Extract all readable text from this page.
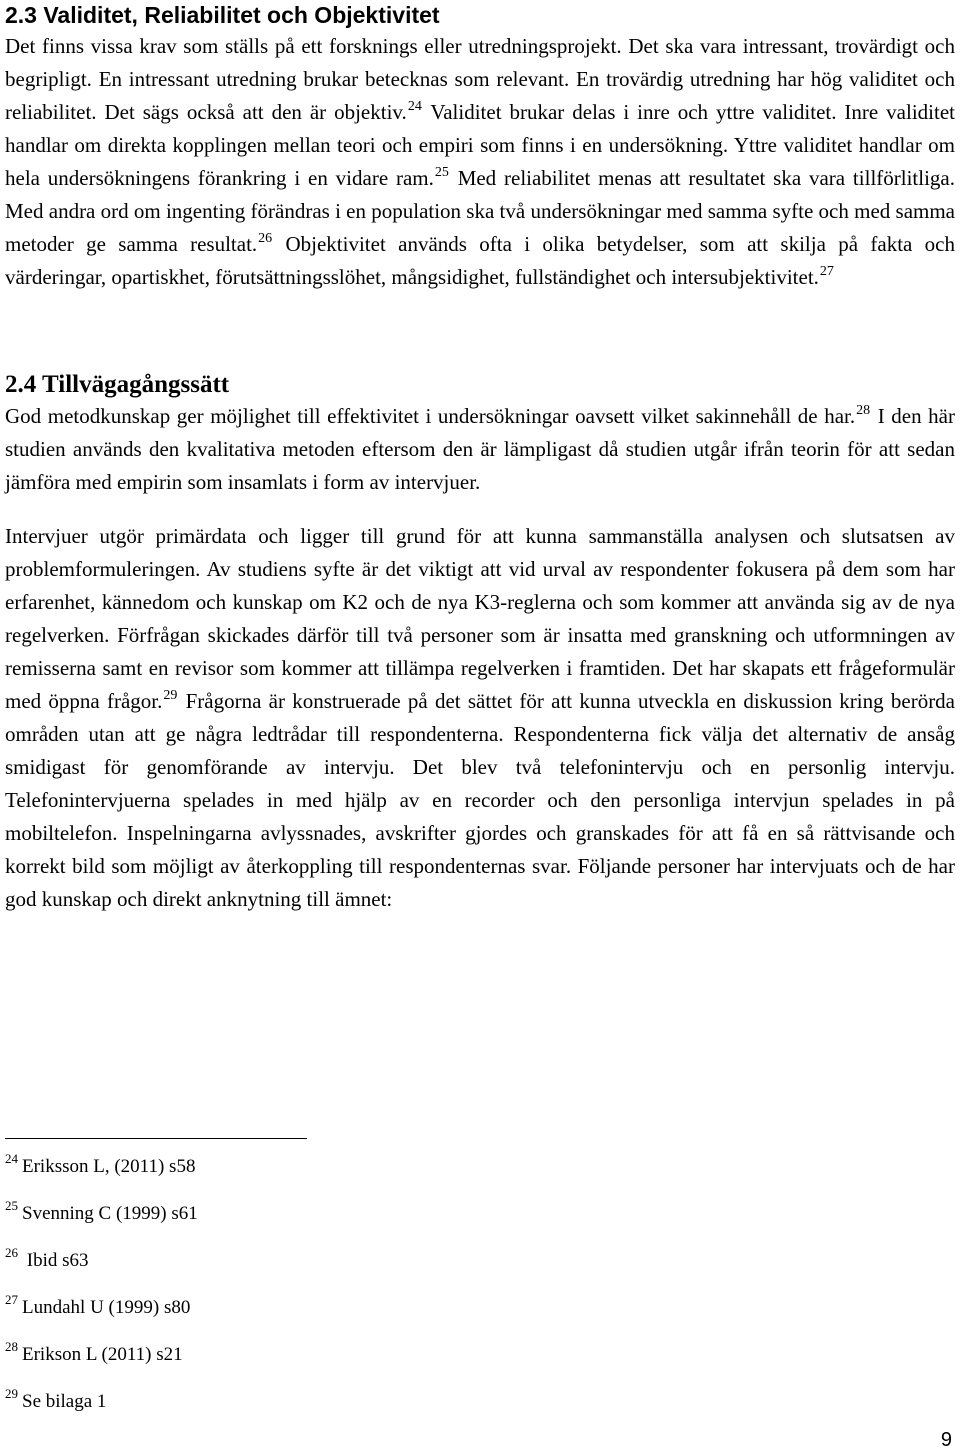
2.3 Validitet, Reliabilitet och Objektivitet

Det finns vissa krav som ställs på ett forsknings eller utredningsprojekt. Det ska vara intressant, trovärdigt och begripligt. En intressant utredning brukar betecknas som relevant. En trovärdig utredning har hög validitet och reliabilitet. Det sägs också att den är objektiv.$^{24}$ Validitet brukar delas i inre och yttre validitet. Inre validitet handlar om direkta kopplingen mellan teori och empiri som finns i en undersökning. Yttre validitet handlar om hela undersökningens förankring i en vidare ram.$^{25}$ Med reliabilitet menas att resultatet ska vara tillförlitliga. Med andra ord om ingenting förändras i en population ska två undersökningar med samma syfte och med samma metoder ge samma resultat.$^{26}$ Objektivitet används ofta i olika betydelser, som att skilja på fakta och värderingar, opartiskhet, förutsättningsslöhet, mångsidighet, fullständighet och intersubjektivitet.$^{27}$

2.4 Tillvägagångssätt

God metodkunskap ger möjlighet till effektivitet i undersökningar oavsett vilket sakinnehåll de har.$^{28}$ I den här studien används den kvalitativa metoden eftersom den är lämpligast då studien utgår ifrån teorin för att sedan jämföra med empirin som insamlats i form av intervjuer.

Intervjuer utgör primärdata och ligger till grund för att kunna sammanställa analysen och slutsatsen av problemformuleringen. Av studiens syfte är det viktigt att vid urval av respondenter fokusera på dem som har erfarenhet, kännedom och kunskap om K2 och de nya K3-reglerna och som kommer att använda sig av de nya regelverken. Förfrågan skickades därför till två personer som är insatta med granskning och utformningen av remisserna samt en revisor som kommer att tillämpa regelverken i framtiden. Det har skapats ett frågeformulär med öppna frågor.$^{29}$ Frågorna är konstruerade på det sättet för att kunna utveckla en diskussion kring berörda områden utan att ge några ledtrådar till respondenterna. Respondenterna fick välja det alternativ de ansåg smidigast för genomförande av intervju. Det blev två telefonintervju och en personlig intervju. Telefonintervjuerna spelades in med hjälp av en recorder och den personliga intervjun spelades in på mobiltelefon. Inspelningarna avlyssnades, avskrifter gjordes och granskades för att få en så rättvisande och korrekt bild som möjligt av återkoppling till respondenternas svar. Följande personer har intervjuats och de har god kunskap och direkt anknytning till ämnet:

$^{24}$ Eriksson L, (2011) s58
$^{25}$ Svenning C (1999) s61
$^{26}$ Ibid s63
$^{27}$ Lundahl U (1999) s80
$^{28}$ Erikson L (2011) s21
$^{29}$ Se bilaga 1
9
